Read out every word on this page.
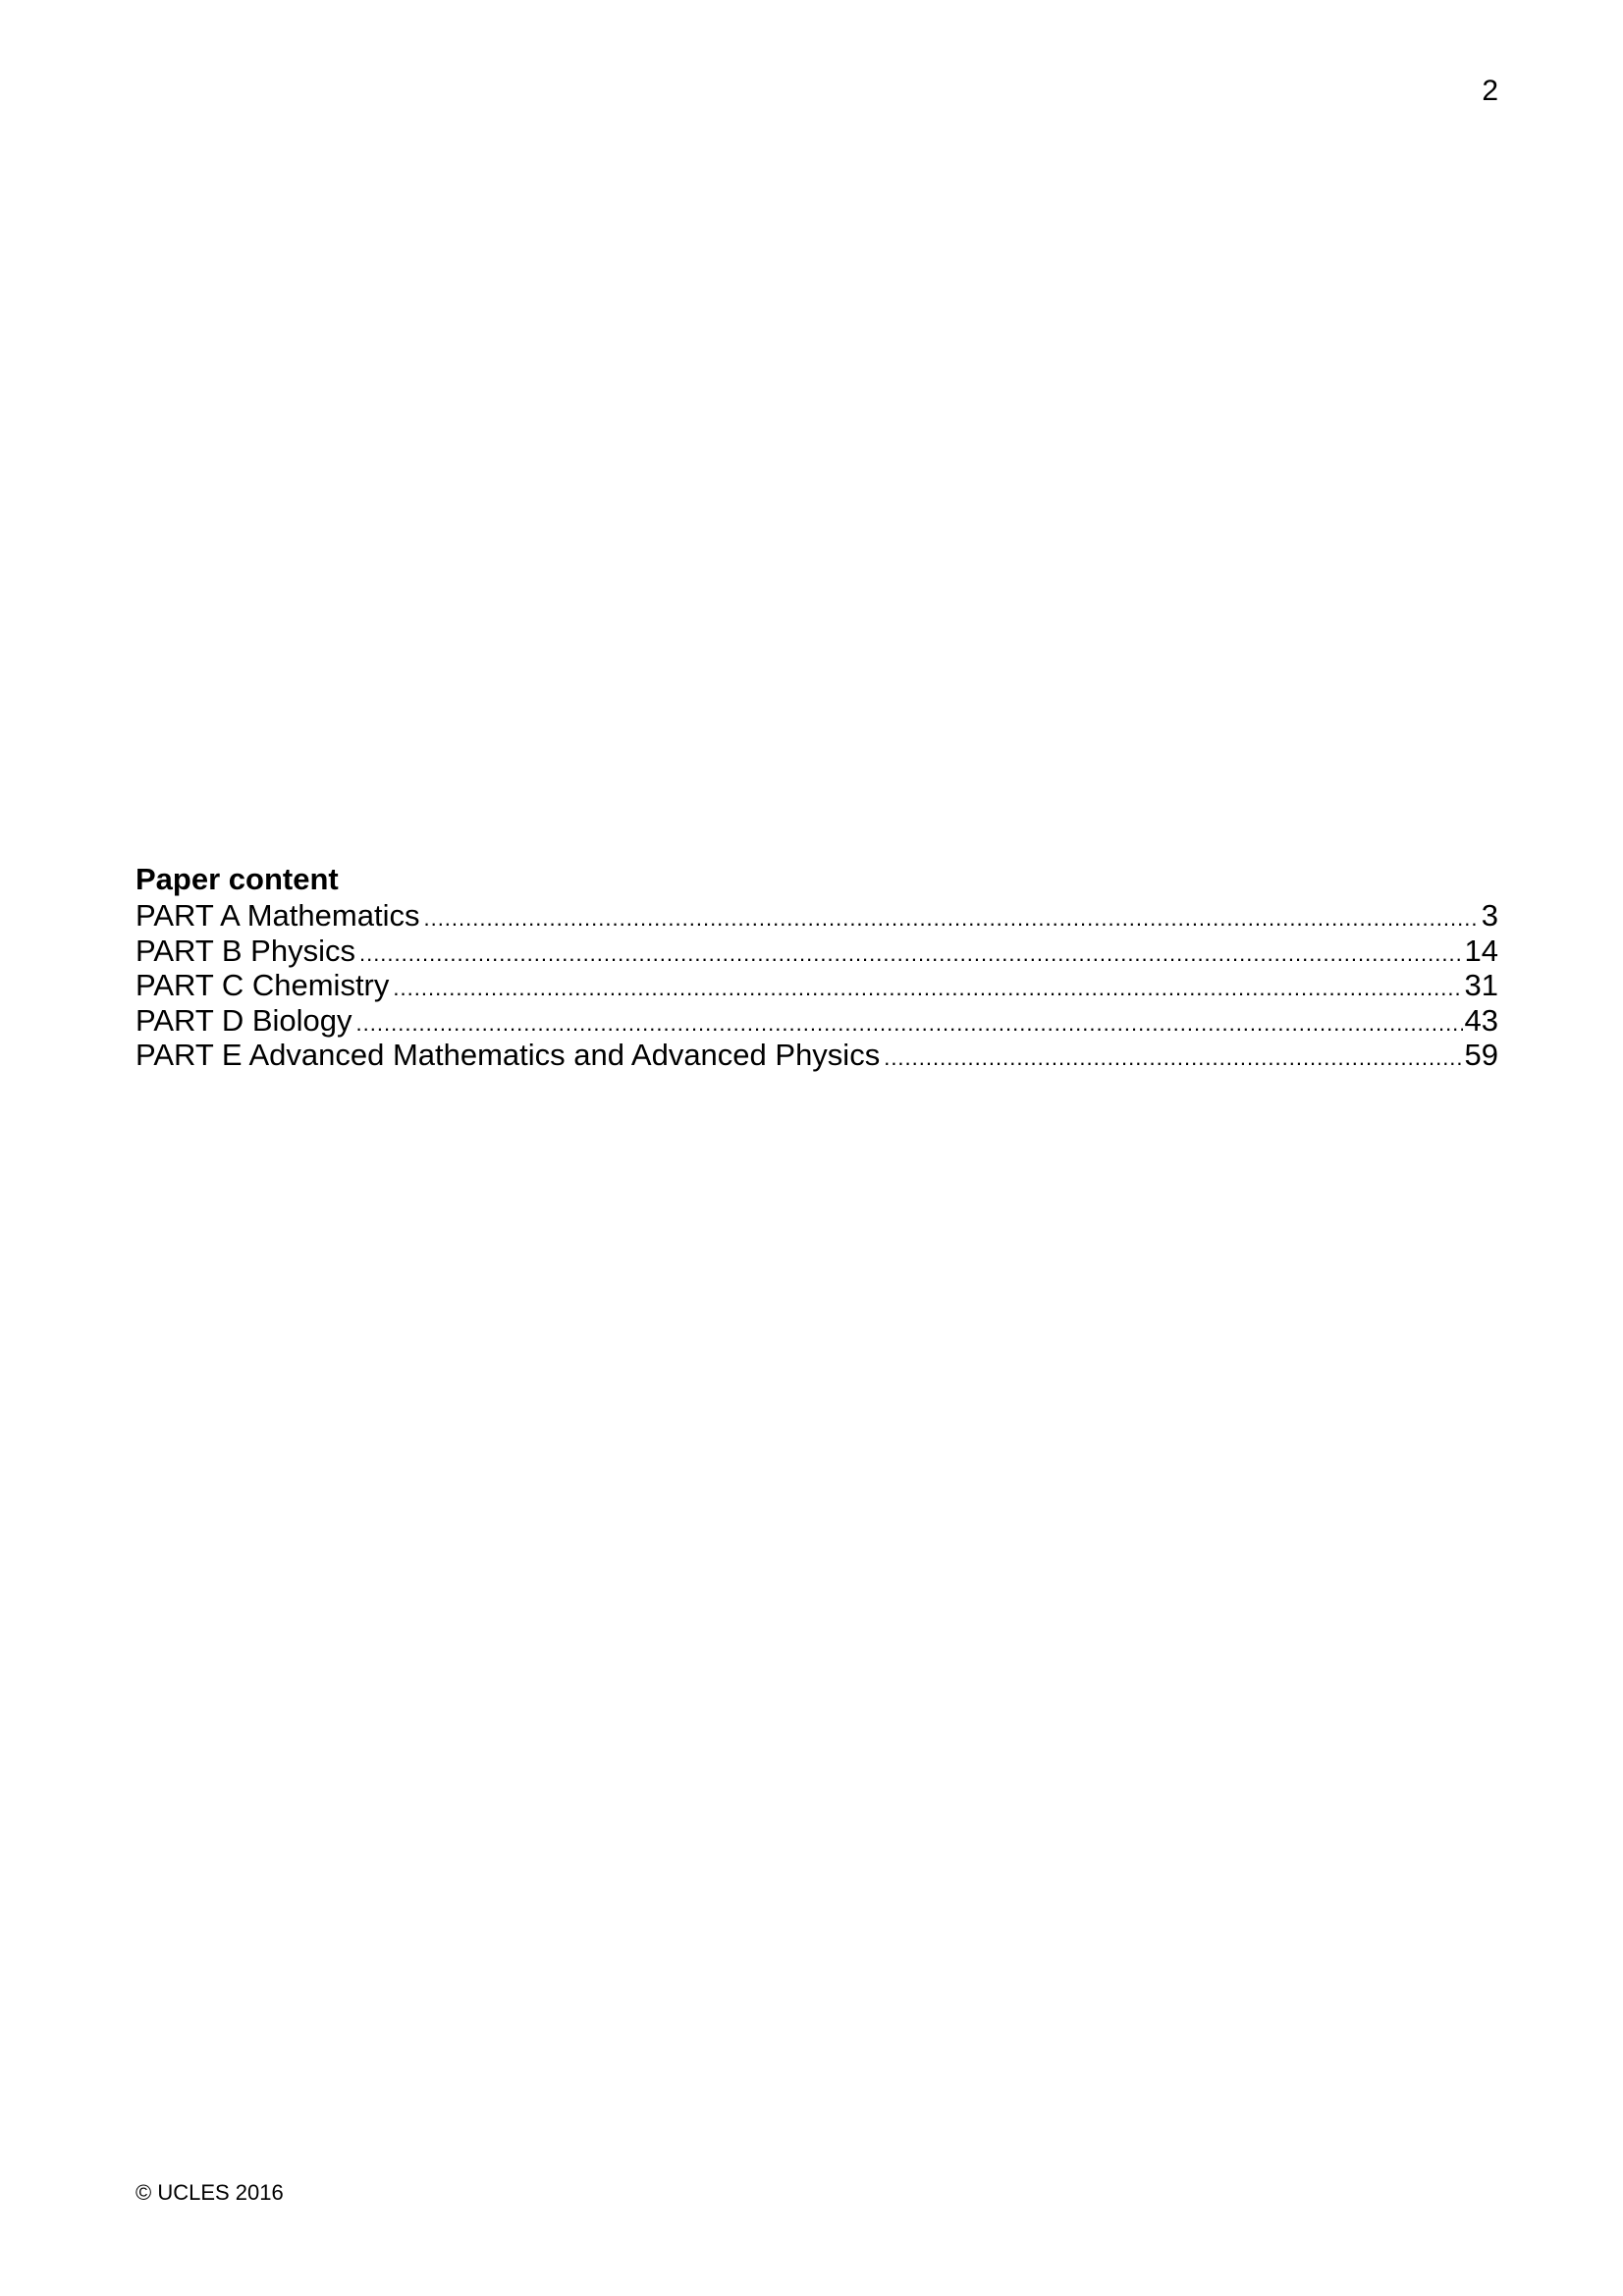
2
Paper content
PART A Mathematics .....	3
PART B Physics .....	14
PART C Chemistry .....	31
PART D Biology .....	43
PART E Advanced Mathematics and Advanced Physics .....	59
© UCLES 2016
